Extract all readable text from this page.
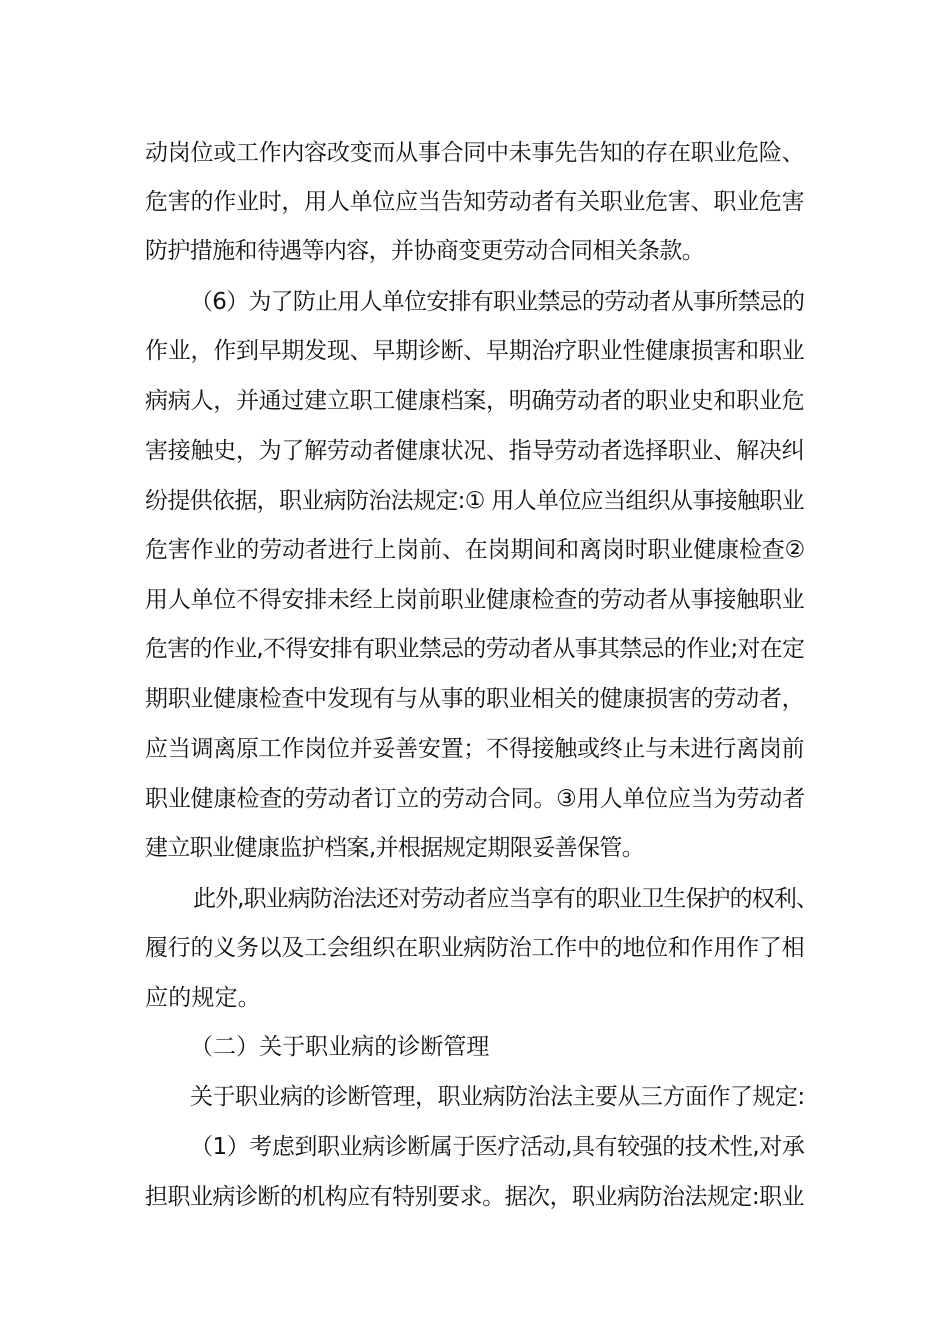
动岗位或工作内容改变而从事合同中未事先告知的存在职业危险、
危害的作业时，用人单位应当告知劳动者有关职业危害、职业危害
防护措施和待遇等内容，并协商变更劳动合同相关条款。
（6）为了防止用人单位安排有职业禁忌的劳动者从事所禁忌的
作业，作到早期发现、早期诊断、早期治疗职业性健康损害和职业
病病人，并通过建立职工健康档案，明确劳动者的职业史和职业危
害接触史，为了解劳动者健康状况、指导劳动者选择职业、解决纠
纷提供依据，职业病防治法规定:① 用人单位应当组织从事接触职业
危害作业的劳动者进行上岗前、在岗期间和离岗时职业健康检查②
用人单位不得安排未经上岗前职业健康检查的劳动者从事接触职业
危害的作业,不得安排有职业禁忌的劳动者从事其禁忌的作业;对在定
期职业健康检查中发现有与从事的职业相关的健康损害的劳动者，
应当调离原工作岗位并妥善安置；不得接触或终止与未进行离岗前
职业健康检查的劳动者订立的劳动合同。③用人单位应当为劳动者
建立职业健康监护档案,并根据规定期限妥善保管。
此外,职业病防治法还对劳动者应当享有的职业卫生保护的权利、
履行的义务以及工会组织在职业病防治工作中的地位和作用作了相
应的规定。
（二）关于职业病的诊断管理
关于职业病的诊断管理，职业病防治法主要从三方面作了规定:
（1）考虑到职业病诊断属于医疗活动,具有较强的技术性,对承
担职业病诊断的机构应有特别要求。据次，职业病防治法规定:职业
